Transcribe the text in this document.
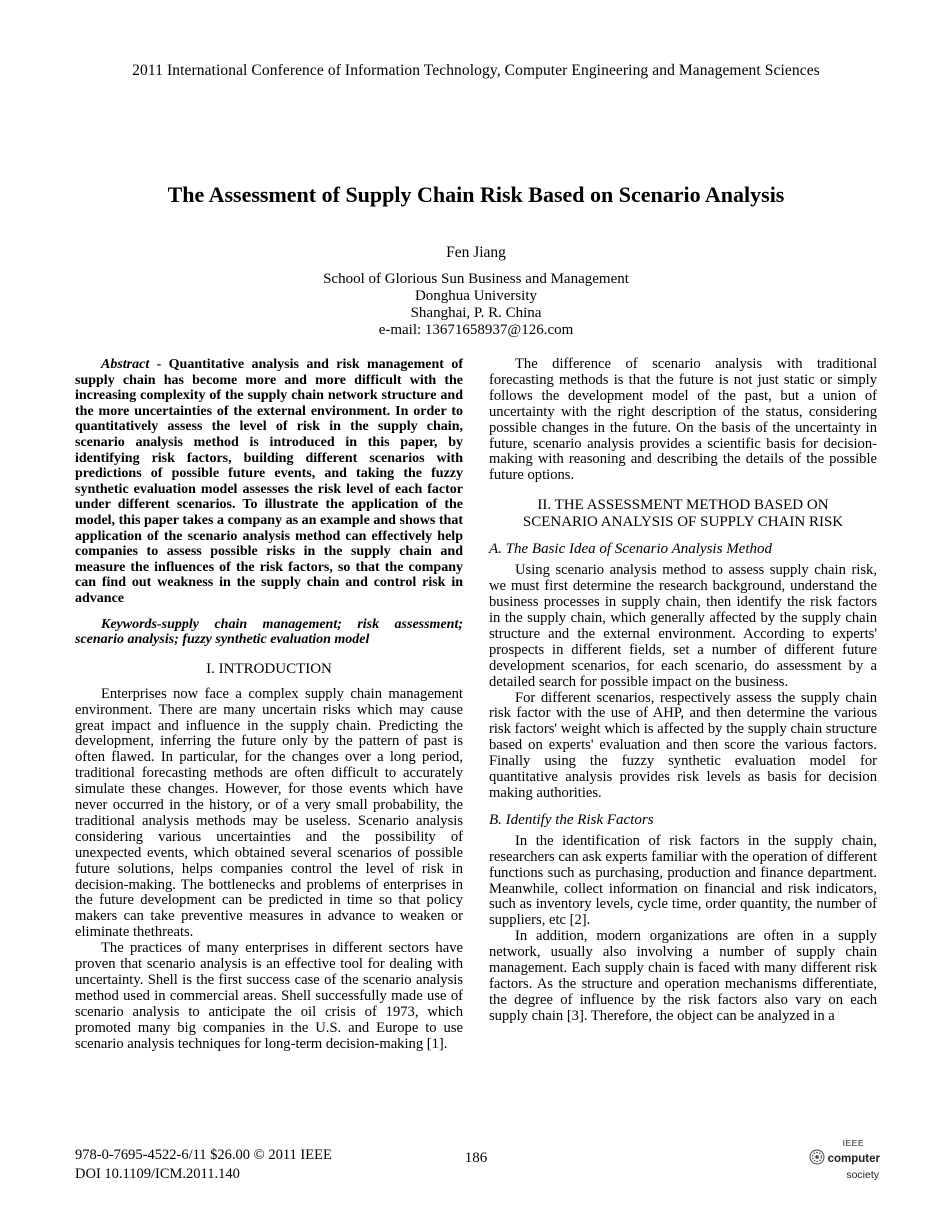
2011 International Conference of Information Technology, Computer Engineering and Management Sciences
The Assessment of Supply Chain Risk Based on Scenario Analysis
Fen Jiang
School of Glorious Sun Business and Management
Donghua University
Shanghai, P. R. China
e-mail: 13671658937@126.com

Abstract - Quantitative analysis and risk management of supply chain has become more and more difficult with the increasing complexity of the supply chain network structure and the more uncertainties of the external environment. In order to quantitatively assess the level of risk in the supply chain, scenario analysis method is introduced in this paper, by identifying risk factors, building different scenarios with predictions of possible future events, and taking the fuzzy synthetic evaluation model assesses the risk level of each factor under different scenarios. To illustrate the application of the model, this paper takes a company as an example and shows that application of the scenario analysis method can effectively help companies to assess possible risks in the supply chain and measure the influences of the risk factors, so that the company can find out weakness in the supply chain and control risk in advance

Keywords-supply chain management; risk assessment; scenario analysis; fuzzy synthetic evaluation model

I. INTRODUCTION

Enterprises now face a complex supply chain management environment. There are many uncertain risks which may cause great impact and influence in the supply chain. Predicting the development, inferring the future only by the pattern of past is often flawed. In particular, for the changes over a long period, traditional forecasting methods are often difficult to accurately simulate these changes. However, for those events which have never occurred in the history, or of a very small probability, the traditional analysis methods may be useless. Scenario analysis considering various uncertainties and the possibility of unexpected events, which obtained several scenarios of possible future solutions, helps companies control the level of risk in decision-making. The bottlenecks and problems of enterprises in the future development can be predicted in time so that policy makers can take preventive measures in advance to weaken or eliminate thethreats.

The practices of many enterprises in different sectors have proven that scenario analysis is an effective tool for dealing with uncertainty. Shell is the first success case of the scenario analysis method used in commercial areas. Shell successfully made use of scenario analysis to anticipate the oil crisis of 1973, which promoted many big companies in the U.S. and Europe to use scenario analysis techniques for long-term decision-making [1].

The difference of scenario analysis with traditional forecasting methods is that the future is not just static or simply follows the development model of the past, but a union of uncertainty with the right description of the status, considering possible changes in the future. On the basis of the uncertainty in future, scenario analysis provides a scientific basis for decision-making with reasoning and describing the details of the possible future options.

II. THE ASSESSMENT METHOD BASED ON SCENARIO ANALYSIS OF SUPPLY CHAIN RISK
A. The Basic Idea of Scenario Analysis Method

Using scenario analysis method to assess supply chain risk, we must first determine the research background, understand the business processes in supply chain, then identify the risk factors in the supply chain, which generally affected by the supply chain structure and the external environment. According to experts' prospects in different fields, set a number of different future development scenarios, for each scenario, do assessment by a detailed search for possible impact on the business.

For different scenarios, respectively assess the supply chain risk factor with the use of AHP, and then determine the various risk factors' weight which is affected by the supply chain structure based on experts' evaluation and then score the various factors. Finally using the fuzzy synthetic evaluation model for quantitative analysis provides risk levels as basis for decision making authorities.

B. Identify the Risk Factors

In the identification of risk factors in the supply chain, researchers can ask experts familiar with the operation of different functions such as purchasing, production and finance department. Meanwhile, collect information on financial and risk indicators, such as inventory levels, cycle time, order quantity, the number of suppliers, etc [2].

In addition, modern organizations are often in a supply network, usually also involving a number of supply chain management. Each supply chain is faced with many different risk factors. As the structure and operation mechanisms differentiate, the degree of influence by the risk factors also vary on each supply chain [3]. Therefore, the object can be analyzed in a

978-0-7695-4522-6/11 $26.00 © 2011 IEEE
DOI 10.1109/ICM.2011.140
186
IEEE
computer
society
